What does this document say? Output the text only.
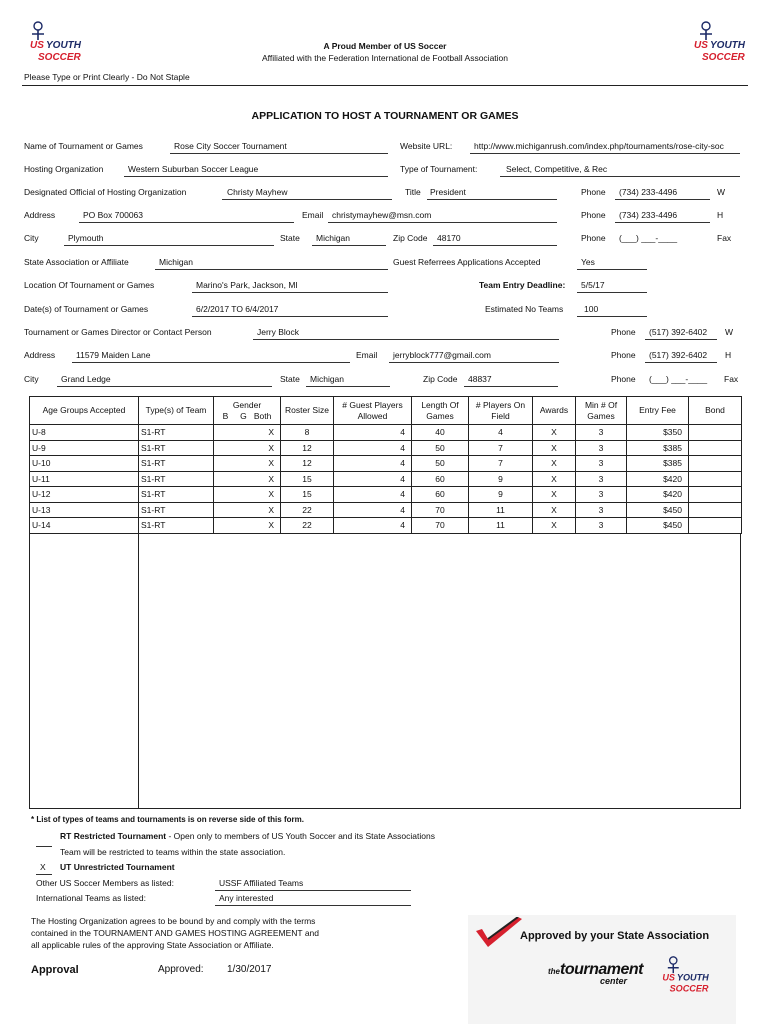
US YOUTH
SOCCER
US YOUTH
SOCCER
A Proud Member of US Soccer
Affiliated with the Federation International de Football Association
Please Type or Print Clearly - Do Not Staple
APPLICATION TO HOST A TOURNAMENT OR GAMES
Name of Tournament or Games	Rose City Soccer Tournament	Website URL:	http://www.michiganrush.com/index.php/tournaments/rose-city-soc
Hosting Organization	Western Suburban Soccer League	Type of Tournament:	Select, Competitive, & Rec
Designated Official of Hosting Organization	Christy Mayhew	Title President	Phone (734) 233-4496	W
Address	PO Box 700063	Email christymayhew@msn.com	Phone (734) 233-4496	H
City	Plymouth	State Michigan	Zip Code 48170	Phone (___) ___-____	Fax
State Association or Affiliate	Michigan	Guest Referrees Applications Accepted	Yes
Location Of Tournament or Games	Marino's Park, Jackson, MI	Team Entry Deadline: 5/5/17
Date(s) of Tournament or Games	6/2/2017 TO 6/4/2017	Estimated No Teams 100
Tournament or Games Director or Contact Person	Jerry Block	Phone (517) 392-6402 W
Address 11579 Maiden Lane	Email jerryblock777@gmail.com	Phone (517) 392-6402 H
City	Grand Ledge	State Michigan	Zip Code 48837	Phone (___) ___-____ Fax
Age Groups Accepted	Type(s) of Team	Gender
B     G   Both	Roster Size	# Guest Players Allowed	Length Of Games	# Players On Field	Awards	Min # Of Games	Entry Fee	Bond
U-8	S1-RT	X	8	4	40	4	X	3	$350	
U-9	S1-RT	X	12	4	50	7	X	3	$385	
U-10	S1-RT	X	12	4	50	7	X	3	$385	
U-11	S1-RT	X	15	4	60	9	X	3	$420	
U-12	S1-RT	X	15	4	60	9	X	3	$420	
U-13	S1-RT	X	22	4	70	11	X	3	$450	
U-14	S1-RT	X	22	4	70	11	X	3	$450	
* List of types of teams and tournaments is on reverse side of this form.
RT Restricted Tournament - Open only to members of US Youth Soccer and its State Associations
Team will be restricted to teams within the state association.
X UT Unrestricted Tournament
Other US Soccer Members as listed:	USSF Affiliated Teams
International Teams as listed:	Any interested
The Hosting Organization agrees to be bound by and comply with the terms
contained in the TOURNAMENT AND GAMES HOSTING AGREEMENT and
all applicable rules of the approving State Association or Affiliate.
Approval	Approved: 1/30/2017
Approved by your State Association
thetournament
center	US YOUTH
SOCCER
